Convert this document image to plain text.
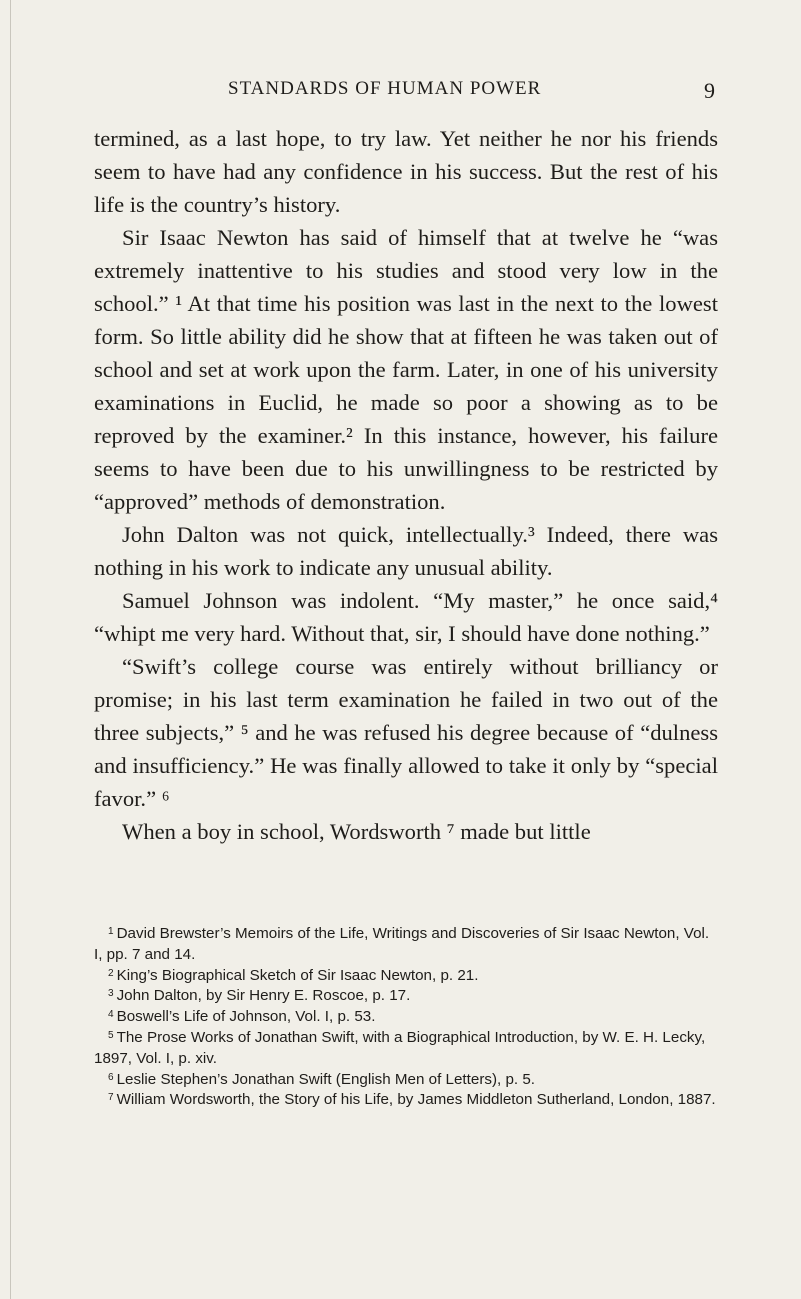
STANDARDS OF HUMAN POWER	9

termined, as a last hope, to try law. Yet neither he nor his friends seem to have had any confidence in his success. But the rest of his life is the country’s history.

Sir Isaac Newton has said of himself that at twelve he “was extremely inattentive to his studies and stood very low in the school.” ¹ At that time his position was last in the next to the lowest form. So little ability did he show that at fifteen he was taken out of school and set at work upon the farm. Later, in one of his university examinations in Euclid, he made so poor a showing as to be reproved by the examiner.² In this instance, however, his failure seems to have been due to his unwillingness to be restricted by “approved” methods of demonstration.

John Dalton was not quick, intellectually.³ Indeed, there was nothing in his work to indicate any unusual ability.

Samuel Johnson was indolent. “My master,” he once said,⁴ “whipt me very hard. Without that, sir, I should have done nothing.”

“Swift’s college course was entirely without brilliancy or promise; in his last term examination he failed in two out of the three subjects,” ⁵ and he was refused his degree because of “dulness and insufficiency.” He was finally allowed to take it only by “special favor.” ⁶

When a boy in school, Wordsworth ⁷ made but little

$^1$ David Brewster’s Memoirs of the Life, Writings and Discoveries of Sir Isaac Newton, Vol. I, pp. 7 and 14.

$^2$ King’s Biographical Sketch of Sir Isaac Newton, p. 21.

$^3$ John Dalton, by Sir Henry E. Roscoe, p. 17.

$^4$ Boswell’s Life of Johnson, Vol. I, p. 53.

$^5$ The Prose Works of Jonathan Swift, with a Biographical Introduction, by W. E. H. Lecky, 1897, Vol. I, p. xiv.

$^6$ Leslie Stephen’s Jonathan Swift (English Men of Letters), p. 5.

$^7$ William Wordsworth, the Story of his Life, by James Middleton Sutherland, London, 1887.
